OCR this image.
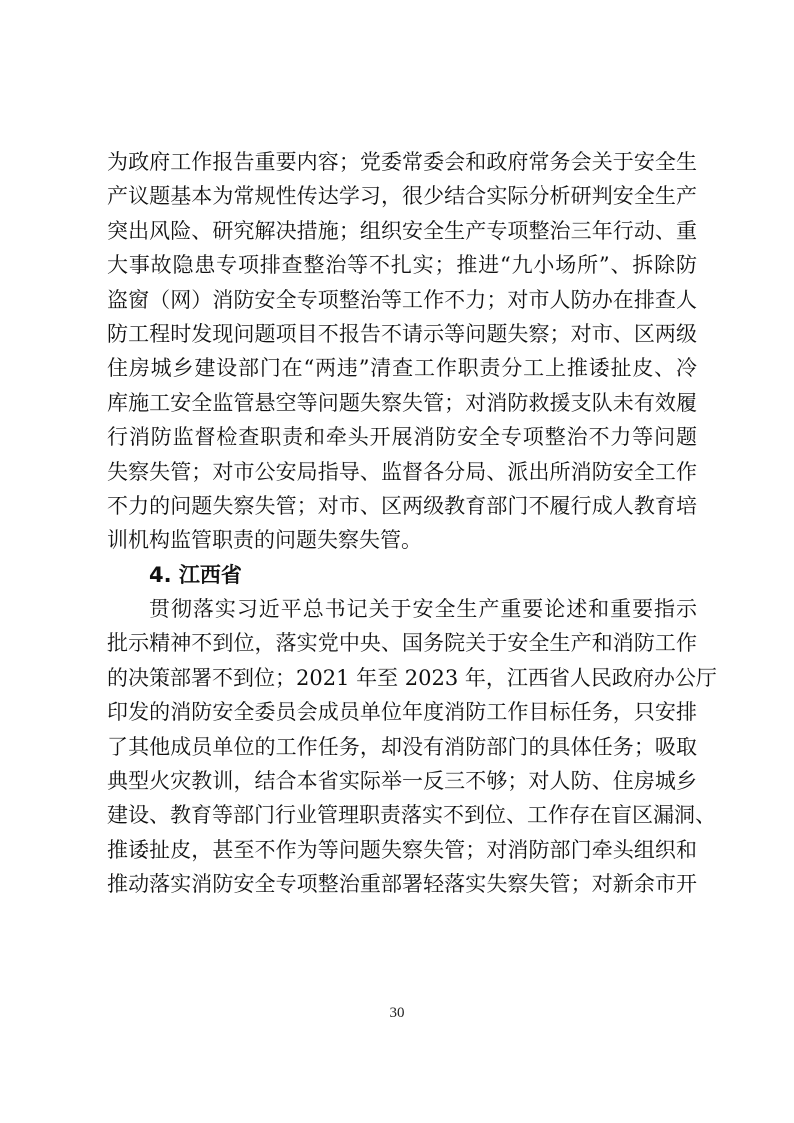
为政府工作报告重要内容；党委常委会和政府常务会关于安全生
产议题基本为常规性传达学习，很少结合实际分析研判安全生产
突出风险、研究解决措施；组织安全生产专项整治三年行动、重
大事故隐患专项排查整治等不扎实；推进“九小场所”、拆除防
盗窗（网）消防安全专项整治等工作不力；对市人防办在排查人
防工程时发现问题项目不报告不请示等问题失察；对市、区两级
住房城乡建设部门在“两违”清查工作职责分工上推诿扯皮、冷
库施工安全监管悬空等问题失察失管；对消防救援支队未有效履
行消防监督检查职责和牵头开展消防安全专项整治不力等问题
失察失管；对市公安局指导、监督各分局、派出所消防安全工作
不力的问题失察失管；对市、区两级教育部门不履行成人教育培
训机构监管职责的问题失察失管。
4. 江西省
贯彻落实习近平总书记关于安全生产重要论述和重要指示
批示精神不到位，落实党中央、国务院关于安全生产和消防工作
的决策部署不到位；2021 年至 2023 年，江西省人民政府办公厅
印发的消防安全委员会成员单位年度消防工作目标任务，只安排
了其他成员单位的工作任务，却没有消防部门的具体任务；吸取
典型火灾教训，结合本省实际举一反三不够；对人防、住房城乡
建设、教育等部门行业管理职责落实不到位、工作存在盲区漏洞、
推诿扯皮，甚至不作为等问题失察失管；对消防部门牵头组织和
推动落实消防安全专项整治重部署轻落实失察失管；对新余市开
30
